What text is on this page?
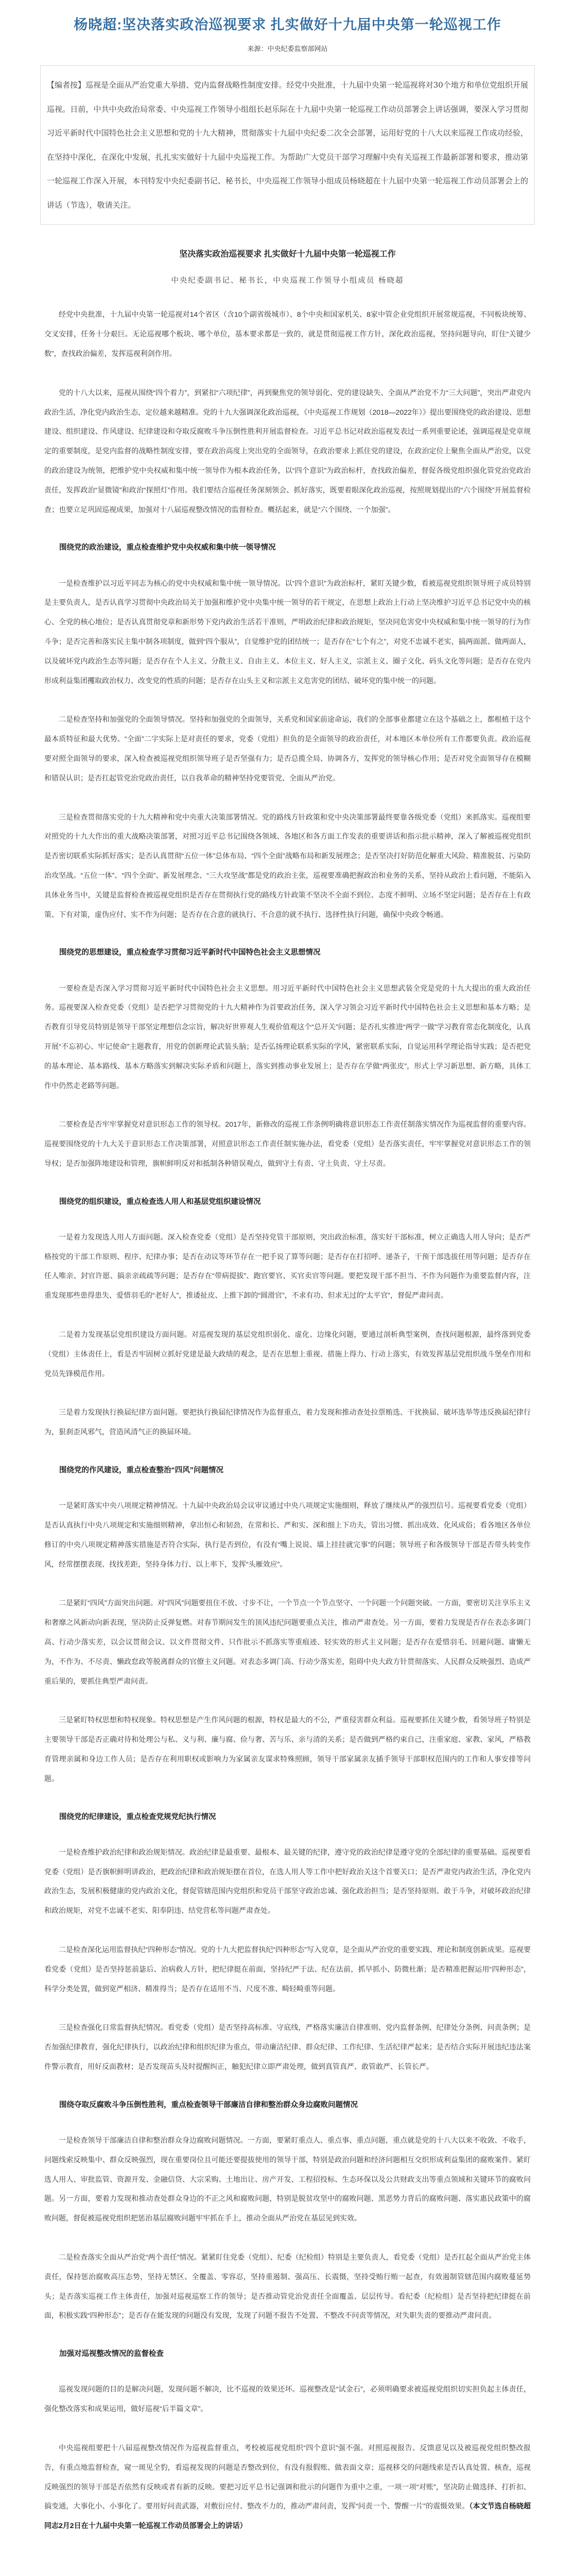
杨晓超:坚决落实政治巡视要求 扎实做好十九届中央第一轮巡视工作
来源：中央纪委监察部网站
【编者按】巡视是全面从严治党重大举措、党内监督战略性制度安排。经党中央批准，十九届中央第一轮巡视将对30个地方和单位党组织开展巡视。日前，中共中央政治局常委、中央巡视工作领导小组组长赵乐际在十九届中央第一轮巡视工作动员部署会上讲话强调，要深入学习贯彻习近平新时代中国特色社会主义思想和党的十九大精神，贯彻落实十九届中央纪委二次全会部署，运用好党的十八大以来巡视工作成功经验，在坚持中深化，在深化中发展，扎扎实实做好十九届中央巡视工作。为帮助广大党员干部学习理解中央有关巡视工作最新部署和要求，推动第一轮巡视工作深入开展，本刊特发中央纪委副书记、秘书长，中央巡视工作领导小组成员杨晓超在十九届中央第一轮巡视工作动员部署会上的讲话（节选），敬请关注。
坚决落实政治巡视要求 扎实做好十九届中央第一轮巡视工作
中央纪委副书记、秘书长，中央巡视工作领导小组成员 杨晓超

经党中央批准，十九届中央第一轮巡视对14个省区（含10个副省级城市）、8个中央和国家机关、8家中管企业党组织开展常规巡视，不同板块统筹、交叉安排，任务十分艰巨。无论巡视哪个板块、哪个单位，基本要求都是一致的，就是贯彻巡视工作方针，深化政治巡视，坚持问题导向，盯住“关键少数”，查找政治偏差，发挥巡视利剑作用。

党的十八大以来，巡视从围绕“四个着力”，到紧扣“六项纪律”，再到聚焦党的领导弱化、党的建设缺失、全面从严治党不力“三大问题”，突出严肃党内政治生活，净化党内政治生态，定位越来越精准。党的十九大强调深化政治巡视，《中央巡视工作规划（2018—2022年）》提出要围绕党的政治建设、思想建设、组织建设、作风建设、纪律建设和夺取反腐败斗争压倒性胜利开展监督检查。习近平总书记对政治巡视发表过一系列重要论述，强调巡视是党章规定的重要制度，是党内监督的战略性制度安排，要在政治高度上突出党的全面领导，在政治要求上抓住党的建设，在政治定位上聚焦全面从严治党，以党的政治建设为统领，把维护党中央权威和集中统一领导作为根本政治任务，以“四个意识”为政治标杆，查找政治偏差，督促各级党组织强化管党治党政治责任，发挥政治“显微镜”和政治“探照灯”作用。我们要结合巡视任务深刻领会、抓好落实，既要着眼深化政治巡视，按照规划提出的“六个围绕”开展监督检查；也要立足巩固巡视成果，加强对十八届巡视整改情况的监督检查。概括起来，就是“六个围绕、一个加强”。

围绕党的政治建设，重点检查维护党中央权威和集中统一领导情况

一是检查维护以习近平同志为核心的党中央权威和集中统一领导情况。以“四个意识”为政治标杆，紧盯关键少数，看被巡视党组织领导班子成员特别是主要负责人，是否认真学习贯彻中央政治局关于加强和维护党中央集中统一领导的若干规定，在思想上政治上行动上坚决维护习近平总书记党中央的核心、全党的核心地位；是否认真贯彻党章和新形势下党内政治生活若干准则，严明政治纪律和政治规矩，坚决同危害党中央权威和集中统一领导的行为作斗争；是否完善和落实民主集中制各项制度，做到“四个服从”，自觉维护党的团结统一；是否存在“七个有之”，对党不忠诚不老实，搞两面派、做两面人，以及破坏党内政治生态等问题；是否存在个人主义、分散主义、自由主义、本位主义、好人主义，宗派主义、圈子文化、码头文化等问题；是否存在党内形成利益集团攫取政治权力、改变党的性质的问题；是否存在山头主义和宗派主义危害党的团结、破坏党的集中统一的问题。

二是检查坚持和加强党的全面领导情况。坚持和加强党的全面领导，关系党和国家前途命运，我们的全部事业都建立在这个基础之上，都根植于这个最本质特征和最大优势。“全面”二字实际上是对责任的要求，党委（党组）担负的是全面领导的政治责任，对本地区本单位所有工作都要负责。政治巡视要对照全面领导的要求，深入检查被巡视党组织领导班子是否坚强有力；是否总揽全局、协调各方，发挥党的领导核心作用；是否对党全面领导存在模糊和错误认识；是否扛起管党治党政治责任，以自我革命的精神坚持党要管党、全面从严治党。

三是检查贯彻落实党的十九大精神和党中央重大决策部署情况。党的路线方针政策和党中央决策部署最终要靠各级党委（党组）来抓落实。巡视组要对照党的十九大作出的重大战略决策部署，对照习近平总书记围绕各领域、各地区和各方面工作发表的重要讲话和指示批示精神，深入了解被巡视党组织是否密切联系实际抓好落实；是否认真贯彻“五位一体”总体布局、“四个全面”战略布局和新发展理念；是否坚决打好防范化解重大风险、精准脱贫、污染防治攻坚战。“五位一体”、“四个全面”、新发展理念、“三大攻坚战”都是党的政治主张，巡视要准确把握政治和业务的关系，坚持从政治上看问题，不能陷入具体业务当中，关键是监督检查被巡视党组织是否存在贯彻执行党的路线方针政策不坚决不全面不到位、态度不鲜明、立场不坚定问题；是否存在上有政策、下有对策，虚伪应付、实不作为问题；是否存在合意的就执行、不合意的就不执行、选择性执行问题，确保中央政令畅通。

围绕党的思想建设，重点检查学习贯彻习近平新时代中国特色社会主义思想情况

一要检查是否深入学习贯彻习近平新时代中国特色社会主义思想。用习近平新时代中国特色社会主义思想武装全党是党的十九大提出的重大政治任务。巡视要深入检查党委（党组）是否把学习贯彻党的十九大精神作为首要政治任务，深入学习领会习近平新时代中国特色社会主义思想和基本方略；是否教育引导党员特别是领导干部坚定理想信念宗旨，解决好世界观人生观价值观这个“总开关”问题；是否扎实推进“两学一做”学习教育常态化制度化，认真开展“不忘初心、牢记使命”主题教育，用党的创新理论武装头脑；是否弘扬理论联系实际的学风，紧密联系实际，自觉运用科学理论指导实践；是否把党的基本理论、基本路线、基本方略落实到解决实际矛盾和问题上，落实到推动事业发展上；是否存在学做“两张皮”，形式上学习新思想、新方略，具体工作中仍然走老路等问题。

二要检查是否牢牢掌握党对意识形态工作的领导权。2017年，新修改的巡视工作条例明确将意识形态工作责任制落实情况作为巡视监督的重要内容。巡视要围绕党的十九大关于意识形态工作决策部署，对照意识形态工作责任制实施办法，看党委（党组）是否落实责任，牢牢掌握党对意识形态工作的领导权；是否加强阵地建设和管理，旗帜鲜明反对和抵制各种错误观点，做到守土有责、守土负责、守土尽责。

围绕党的组织建设，重点检查选人用人和基层党组织建设情况

一是着力发现选人用人方面问题。深入检查党委（党组）是否坚持党管干部原则，突出政治标准，落实好干部标准，树立正确选人用人导向；是否严格按党的干部工作原则、程序、纪律办事；是否在动议等环节存在一把手说了算等问题；是否存在打招呼、递条子，干预干部选拔任用等问题；是否存在任人唯亲、封官许愿、搞亲亲疏疏等问题；是否存在“带病提拔”、跑官要官、买官卖官等问题。要把发现干部不担当、不作为问题作为重要监督内容，注重发现那些患得患失、爱惜羽毛的“老好人”，推诿扯皮、上推下卸的“圆滑官”，不求有功、但求无过的“太平官”，督促严肃问责。

二是着力发现基层党组织建设方面问题。对巡视发现的基层党组织弱化、虚化、边缘化问题，要通过剖析典型案例，查找问题根源，最终落到党委（党组）主体责任上，看是否牢固树立抓好党建是最大政绩的观念，是否在思想上重视、措施上得力、行动上落实，有效发挥基层党组织战斗堡垒作用和党员先锋模范作用。

三是着力发现执行换届纪律方面问题。要把执行换届纪律情况作为监督重点，着力发现和推动查处拉票贿选、干扰换届、破坏选举等违反换届纪律行为，狠刹歪风邪气，营造风清气正的换届环境。

围绕党的作风建设，重点检查整治“四风”问题情况

一是紧盯落实中央八项规定精神情况。十九届中央政治局会议审议通过中央八项规定实施细则，释放了继续从严的强烈信号。巡视要看党委（党组）是否认真执行中央八项规定和实施细则精神，拿出恒心和韧劲，在常和长、严和实、深和细上下功夫，管出习惯、抓出成效、化风成俗；看各地区各单位修订的中央八项规定精神落实措施是否符合实际，执行是否到位，有没有“嘴上说说、墙上挂挂就完事”的问题；领导班子和各级领导干部是否带头转变作风，经常摆摆表现、找找差距，坚持身体力行、以上率下，发挥“头雁效应”。

二是紧盯“四风”方面突出问题。对“四风”问题要扭住不放、寸步不让，一个节点一个节点坚守、一个问题一个问题突破。一方面，要密切关注享乐主义和奢靡之风新动向新表现，坚决防止反弹复燃。对春节期间发生的顶风违纪问题要重点关注，推动严肃查处。另一方面，要着力发现是否存在表态多调门高、行动少落实差，以会议贯彻会议、以文件贯彻文件、只作批示不抓落实等重痕迹、轻实效的形式主义问题；是否存在爱惜羽毛、回避问题、庸懒无为，不作为、不尽责、懒政怠政等脱离群众的官僚主义问题。对表态多调门高、行动少落实差，阻碍中央大政方针贯彻落实、人民群众反映强烈、造成严重后果的，要抓住典型严肃问责。

三是紧盯特权思想和特权现象。特权思想是产生作风问题的根源，特权是最大的不公，严重侵害群众利益。巡视要抓住关键少数，看领导班子特别是主要领导干部是否正确对待和处理公与私、义与利、廉与腐、俭与奢、苦与乐、亲与清的关系；是否做到严格约束自己，注重家庭、家教、家风，严格教育管理亲属和身边工作人员；是否存在利用职权或影响力为家属亲友谋求特殊照顾，领导干部家属亲友插手领导干部职权范围内的工作和人事安排等问题。

围绕党的纪律建设，重点检查党规党纪执行情况

一是检查维护政治纪律和政治规矩情况。政治纪律是最重要、最根本、最关键的纪律，遵守党的政治纪律是遵守党的全部纪律的重要基础。巡视要看党委（党组）是否旗帜鲜明讲政治，把政治纪律和政治规矩摆在首位，在选人用人等工作中把好政治关这个首要关口；是否严肃党内政治生活，净化党内政治生态，发展积极健康的党内政治文化，督促管辖范围内党组织和党员干部坚守政治忠诚、强化政治担当；是否坚持原则、敢于斗争，对破坏政治纪律和政治规矩，对党不忠诚不老实、阳奉阴违、结党营私等问题严肃查处。

二是检查深化运用监督执纪“四种形态”情况。党的十九大把监督执纪“四种形态”写入党章，是全面从严治党的重要实践、理论和制度创新成果。巡视要看党委（党组）是否坚持惩前毖后、治病救人方针，把纪律挺在前面，坚持纪严于法、纪在法前，抓早抓小、防微杜渐；是否精准把握运用“四种形态”，科学分类处置，做到宽严相济、精准得当；是否存在适用不当、尺度不准、畸轻畸重等问题。

三是检查强化日常监督执纪情况。看党委（党组）是否坚持高标准、守底线，严格落实廉洁自律准则、党内监督条例、纪律处分条例、问责条例；是否加强纪律教育，强化纪律执行，以政治纪律和组织纪律为重点，带动廉洁纪律、群众纪律、工作纪律、生活纪律严起来；是否结合实际开展违纪违法案件警示教育，用好反面教材；是否发现苗头及时提醒纠正，触犯纪律立即严肃处理，做到真管真严、敢管敢严、长管长严。

围绕夺取反腐败斗争压倒性胜利，重点检查领导干部廉洁自律和整治群众身边腐败问题情况

一是检查领导干部廉洁自律和整治群众身边腐败问题情况。一方面，要紧盯重点人、重点事、重点问题，重点就是党的十八大以来不收敛、不收手，问题线索反映集中、群众反映强烈，现在重要岗位且可能还要提拔使用的领导干部，特别是政治问题和经济问题相互交织形成利益集团的腐败案件。紧盯选人用人、审批监管、资源开发、金融信贷、大宗采购、土地出让、房产开发、工程招投标、生态环保以及公共财政支出等重点领域和关键环节的腐败问题。另一方面，要着力发现和推动查处群众身边的不正之风和腐败问题，特别是脱贫攻坚中的腐败问题、黑恶势力背后的腐败问题、落实惠民政策中的腐败问题，督促被巡视党组织把惩治基层腐败问题牢牢抓在手上，推动全面从严治党在基层见到实效。

二是检查落实全面从严治党“两个责任”情况。紧紧盯住党委（党组）、纪委（纪检组）特别是主要负责人，看党委（党组）是否扛起全面从严治党主体责任，保持惩治腐败高压态势，坚持无禁区、全覆盖、零容忍，坚持重遏制、强高压、长震慑，坚持受贿行贿一起查，有效遏制管辖范围内腐败蔓延势头；是否落实巡视工作主体责任，加强对巡视巡察工作的领导；是否推动管党治党责任全面覆盖、层层传导。看纪委（纪检组）是否坚持把纪律挺在前面，积极实践“四种形态”；是否存在能发现的问题没有发现，发现了问题不报告不处置、不整改不问责等情况，对失职失责的要推动严肃问责。

加强对巡视整改情况的监督检查

巡视发现问题的目的是解决问题，发现问题不解决，比不巡视的效果还坏。巡视整改是“试金石”，必须明确要求被巡视党组织切实担负起主体责任，强化整改落实和成果运用，做好巡视“后半篇文章”。

中央巡视组要把十八届巡视整改情况作为巡视监督重点，考校被巡视党组织“四个意识”强不强。对照巡视报告、反馈意见以及被巡视党组织整改报告，有重点地监督检查，窥一斑见全豹，看巡视发现的问题是否整改到位，有没有报假账、做表面文章；巡视移交的问题线索是否认真处置、核查，巡视反映强烈的领导干部是否依然有反映或者有新的反映。要把习近平总书记强调和批示的问题作为重中之重，一项一项“对账”，坚决防止做选择、打折扣、搞变通，大事化小、小事化了。要用好问责武器，对敷衍应付、整改不力的，推动严肃问责，发挥“问责一个、警醒一片”的震慑效果。（本文节选自杨晓超同志2月2日在十九届中央第一轮巡视工作动员部署会上的讲话）
